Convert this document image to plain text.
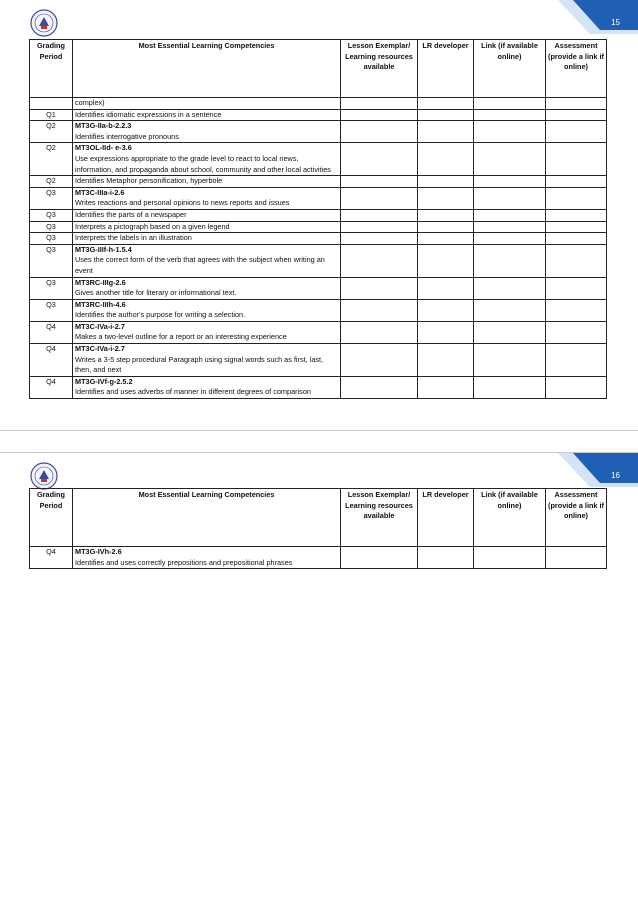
15
Grading Period	Most Essential Learning Competencies	Lesson Exemplar/ Learning resources available	LR developer	Link (if available online)	Assessment (provide a link if online)
	complex)				
Q1	Identifies idiomatic expressions in a sentence				
Q2	MT3G-IIa-b-2.2.3
Identifies interrogative pronouns				
Q2	MT3OL-IId- e-3.6
Use expressions appropriate to the grade level to react to local news, information, and propaganda about school, community and other local activities				
Q2	Identifies Metaphor personification, hyperbole				
Q3	MT3C-IIIa-i-2.6
Writes reactions and personal opinions to news reports and issues				
Q3	Identifies the parts of a newspaper				
Q3	Interprets a pictograph based on a given legend				
Q3	Interprets the labels in an illustration				
Q3	MT3G-IIIf-h-1.5.4
Uses the correct form of the verb that agrees with the subject when writing an event				
Q3	MT3RC-IIIg-2.6
Gives another title for literary or informational text.				
Q3	MT3RC-IIIh-4.6
Identifies the author's purpose for writing a selection.				
Q4	MT3C-IVa-i-2.7
Makes a two-level outline for a report or an interesting experience				
Q4	MT3C-IVa-i-2.7
Writes a 3-5 step procedural Paragraph using signal words such as first, last, then, and next				
Q4	MT3G-IVf-g-2.5.2
Identifies and uses adverbs of manner in different degrees of comparison				
16
Grading Period	Most Essential Learning Competencies	Lesson Exemplar/ Learning resources available	LR developer	Link (if available online)	Assessment (provide a link if online)
Q4	MT3G-IVh-2.6
Identifies and uses correctly prepositions and prepositional phrases				
